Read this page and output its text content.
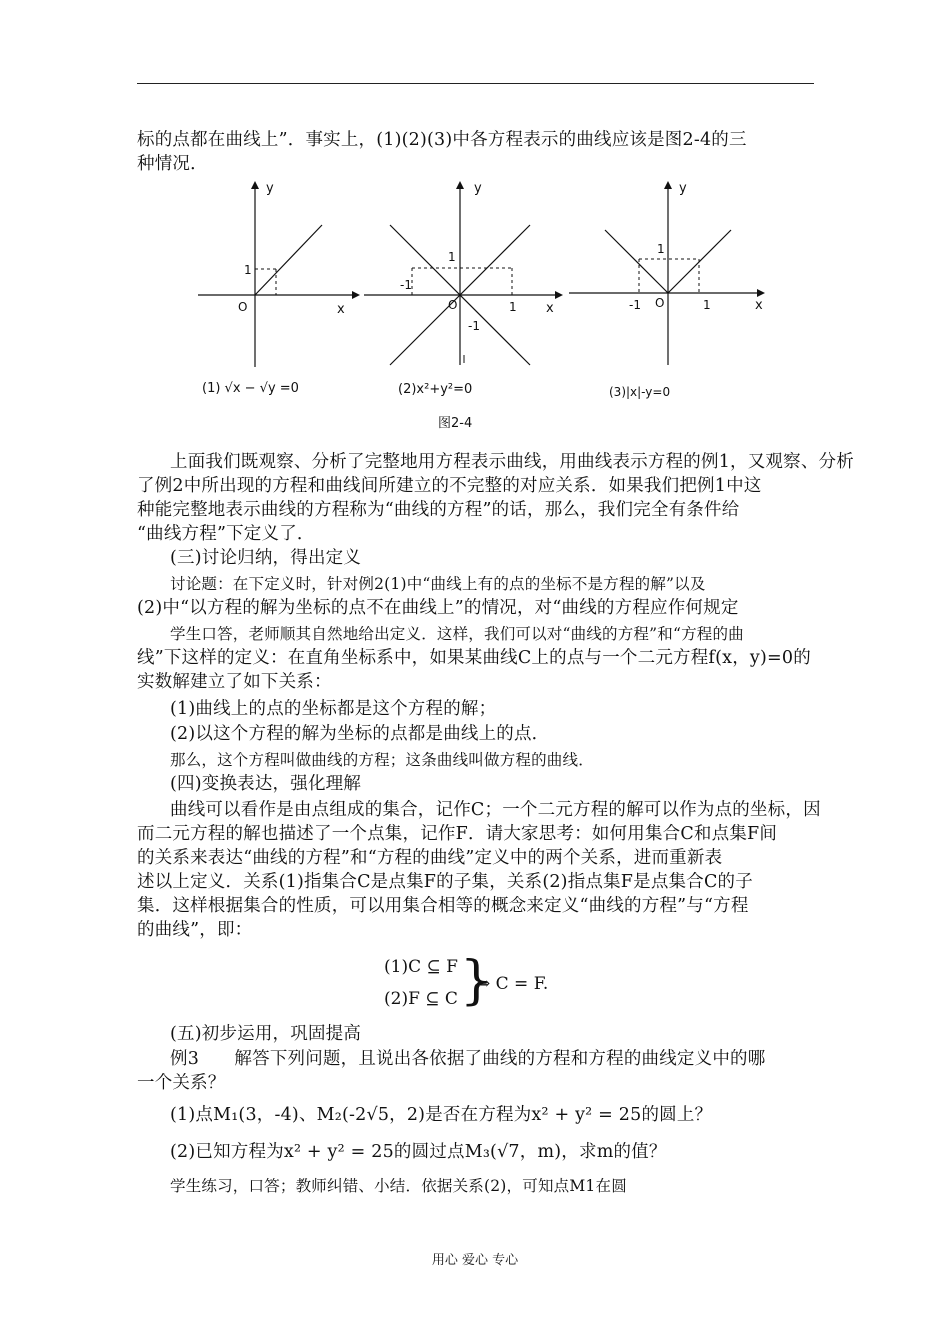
标的点都在曲线上”．事实上，(1)(2)(3)中各方程表示的曲线应该是图2-4的三
种情况．
y
x
O
1
(1) √x − √y =0
y
x
O
1
-1
1
-1
(2)x²+y²=0
y
x
O
1
-1	1
(3)|x|-y=0
图2-4
上面我们既观察、分析了完整地用方程表示曲线，用曲线表示方程的例1，又观察、分析
了例2中所出现的方程和曲线间所建立的不完整的对应关系．如果我们把例1中这
种能完整地表示曲线的方程称为“曲线的方程”的话，那么，我们完全有条件给
“曲线方程”下定义了．
(三)讨论归纳，得出定义
讨论题：在下定义时，针对例2(1)中“曲线上有的点的坐标不是方程的解”以及
(2)中“以方程的解为坐标的点不在曲线上”的情况，对“曲线的方程应作何规定
学生口答，老师顺其自然地给出定义．这样，我们可以对“曲线的方程”和“方程的曲
线”下这样的定义：在直角坐标系中，如果某曲线C上的点与一个二元方程f(x，y)=0的
实数解建立了如下关系：
(1)曲线上的点的坐标都是这个方程的解；
(2)以这个方程的解为坐标的点都是曲线上的点．
那么，这个方程叫做曲线的方程；这条曲线叫做方程的曲线．
(四)变换表达，强化理解
曲线可以看作是由点组成的集合，记作C；一个二元方程的解可以作为点的坐标，因
而二元方程的解也描述了一个点集，记作F．请大家思考：如何用集合C和点集F间
的关系来表达“曲线的方程”和“方程的曲线”定义中的两个关系，进而重新表
述以上定义．关系(1)指集合C是点集F的子集，关系(2)指点集F是点集合C的子
集．这样根据集合的性质，可以用集合相等的概念来定义“曲线的方程”与“方程
的曲线”，即：
(1)C ⊆ F
(2)F ⊆ C }
⇔ C = F.
(五)初步运用，巩固提高
例3　　解答下列问题，且说出各依据了曲线的方程和方程的曲线定义中的哪
一个关系？
(1)点M₁(3，-4)、M₂(-2√5，2)是否在方程为x² + y² = 25的圆上？
(2)已知方程为x² + y² = 25的圆过点M₃(√7，m)，求m的值？
学生练习，口答；教师纠错、小结．依据关系(2)，可知点M1在圆
用心 爱心 专心
